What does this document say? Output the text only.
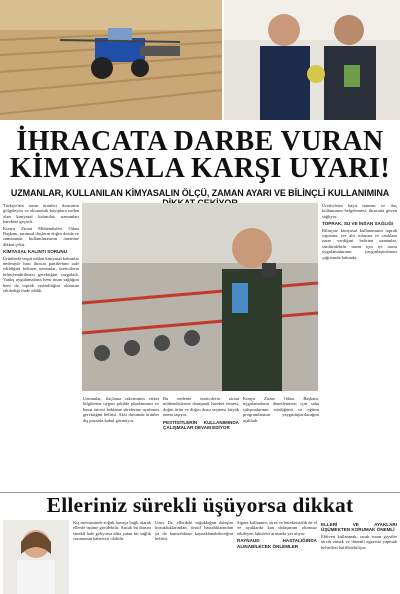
İHRACATA DARBE VURAN
KİMYASALA KARŞI UYARI!
UZMANLAR, KULLANILAN KİMYASALIN ÖLÇÜ, ZAMAN AYARI VE BİLİNÇLİ KULLANIMINA

Türkiye'nin tarım ürünleri ihracatını gölgeleyen ve ekonomik kayıplara neden olan kimyasal kalıntılar, uzmanları harekete geçirdi.

Konya Ziraat Mühendisleri Odası Başkanı, tarımsal ilaçların doğru dozda ve zamanında kullanılmasının önemine dikkat çekti.

KİMYASAL KALINTI SORUNU

Ürünlerde tespit edilen kimyasal kalıntılar nedeniyle bazı ihracat partilerinin iade edildiğini belirten uzmanlar, üreticilerin bilinçlendirilmesi gerektiğini vurguladı. Yanlış uygulamaların hem insan sağlığını hem de toprak verimliliğini olumsuz etkilediği ifade edildi.

Uzmanlar, ilaçlama takviminin etiket bilgilerine uygun şekilde planlanması ve hasat öncesi bekleme sürelerine uyulması gerektiğini belirtti. Aksi durumda ürünler dış pazarda kabul görmüyor.

Bu nedenle üreticilerin ziraat mühendislerine danışarak hareket etmesi, doğru ürün ve doğru dozu seçmesi büyük önem taşıyor.

PESTİSİTLERİN KULLANIMINDA ÇALIŞMALAR DEVAM EDİYOR

Konya Ziraat Odası Başkanı, uygulamaların denetlenmesi için saha çalışmalarının sürdüğünü ve eğitim programlarının yaygınlaştırılacağını açıkladı.

Üreticilerin kayıt tutması ve ilaç kullanımını belgelemesi, ihracatta güven sağlıyor.

TOPRAK, SU VE İNSAN SAĞLIĞI

Bilinçsiz kimyasal kullanımının toprak yapısına, yer altı sularına ve canlılara zarar verdiğini belirten uzmanlar, sürdürülebilir tarım için iyi tarım uygulamalarının yaygınlaştırılması çağrısında bulundu.

Elleriniz sürekli üşüyorsa dikkat

Kış mevsiminde soğuk havaya bağlı olarak ellerde üşüme görülebilir. Ancak bu durum sürekli hale geliyorsa altta yatan bir sağlık sorununun habercisi olabilir.

Uzm. Dr., ellerdeki soğukluğun dolaşım bozukluklarından, tiroid hastalıklarından ya da kansızlıktan kaynaklanabileceğini belirtti.

Sigara kullanımı, stres ve hareketsizlik de el ve ayaklarda kan dolaşımını olumsuz etkileyen faktörler arasında yer alıyor.

RAYNAUD HASTALIĞINDA ALINABİLECEK ÖNLEMLER

ELLERİ VE AYAKLARI ÜŞÜMEKTEN KORUMAK ÖNEMLİ

Eldiven kullanmak, sıcak tutan giysiler tercih etmek ve düzenli egzersiz yapmak belirtileri hafifletebiliyor.
